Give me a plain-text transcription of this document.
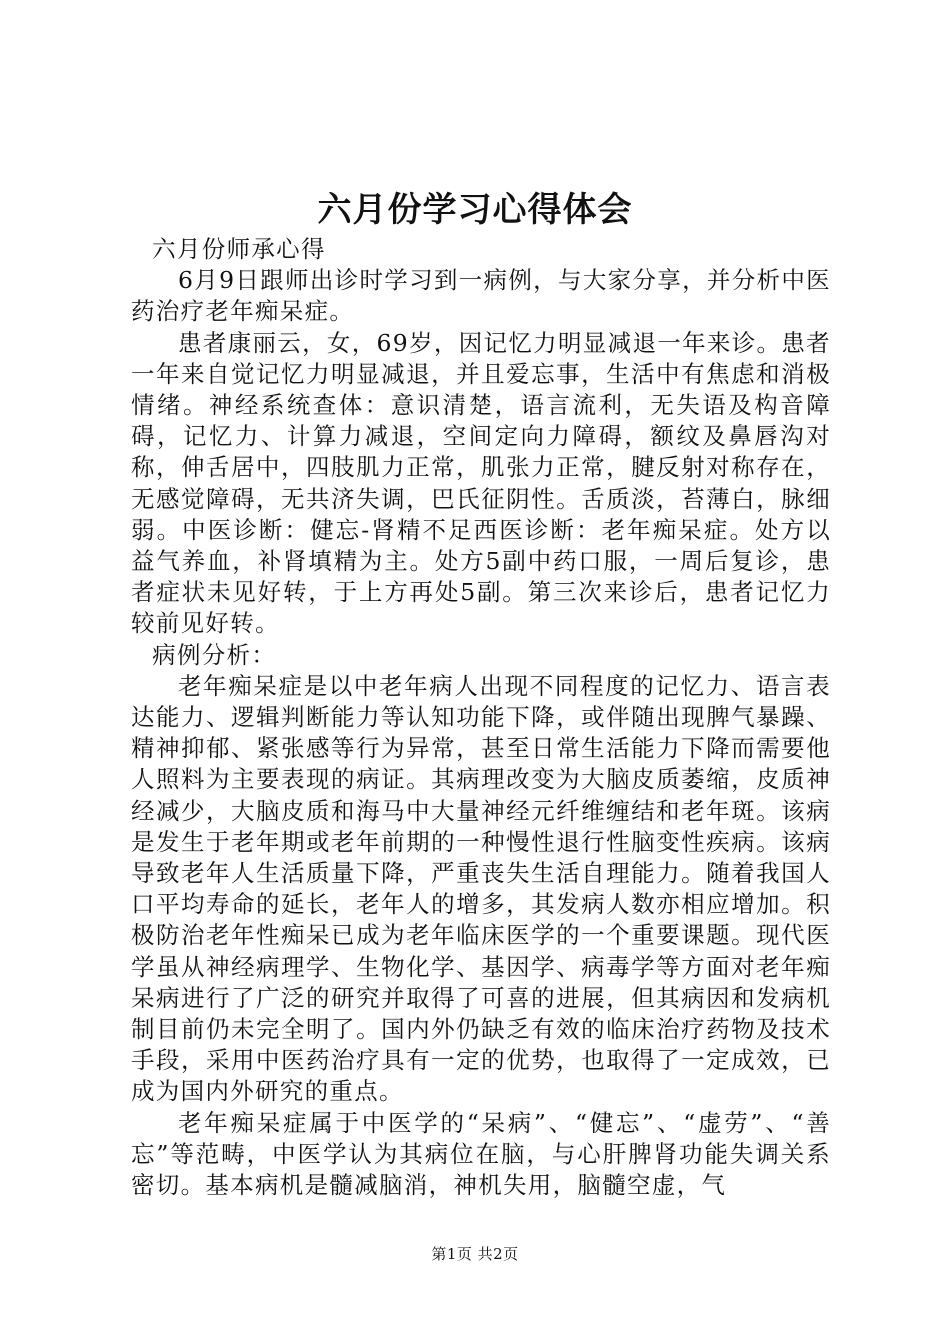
六月份学习心得体会

六月份师承心得

6月9日跟师出诊时学习到一病例，与大家分享，并分析中医药治疗老年痴呆症。

患者康丽云，女，69岁，因记忆力明显减退一年来诊。患者一年来自觉记忆力明显减退，并且爱忘事，生活中有焦虑和消极情绪。神经系统查体：意识清楚，语言流利，无失语及构音障碍，记忆力、计算力减退，空间定向力障碍，额纹及鼻唇沟对称，伸舌居中，四肢肌力正常，肌张力正常，腱反射对称存在，无感觉障碍，无共济失调，巴氏征阴性。舌质淡，苔薄白，脉细弱。中医诊断：健忘-肾精不足西医诊断：老年痴呆症。处方以益气养血，补肾填精为主。处方5副中药口服，一周后复诊，患者症状未见好转，于上方再处5副。第三次来诊后，患者记忆力较前见好转。

病例分析：

老年痴呆症是以中老年病人出现不同程度的记忆力、语言表达能力、逻辑判断能力等认知功能下降，或伴随出现脾气暴躁、精神抑郁、紧张感等行为异常，甚至日常生活能力下降而需要他人照料为主要表现的病证。其病理改变为大脑皮质萎缩，皮质神经减少，大脑皮质和海马中大量神经元纤维缠结和老年斑。该病是发生于老年期或老年前期的一种慢性退行性脑变性疾病。该病导致老年人生活质量下降，严重丧失生活自理能力。随着我国人口平均寿命的延长，老年人的增多，其发病人数亦相应增加。积极防治老年性痴呆已成为老年临床医学的一个重要课题。现代医学虽从神经病理学、生物化学、基因学、病毒学等方面对老年痴呆病进行了广泛的研究并取得了可喜的进展，但其病因和发病机制目前仍未完全明了。国内外仍缺乏有效的临床治疗药物及技术手段，采用中医药治疗具有一定的优势，也取得了一定成效，已成为国内外研究的重点。

老年痴呆症属于中医学的“呆病”、“健忘”、“虚劳”、“善忘”等范畴，中医学认为其病位在脑，与心肝脾肾功能失调关系密切。基本病机是髓减脑消，神机失用，脑髓空虚，气

第1页 共2页
